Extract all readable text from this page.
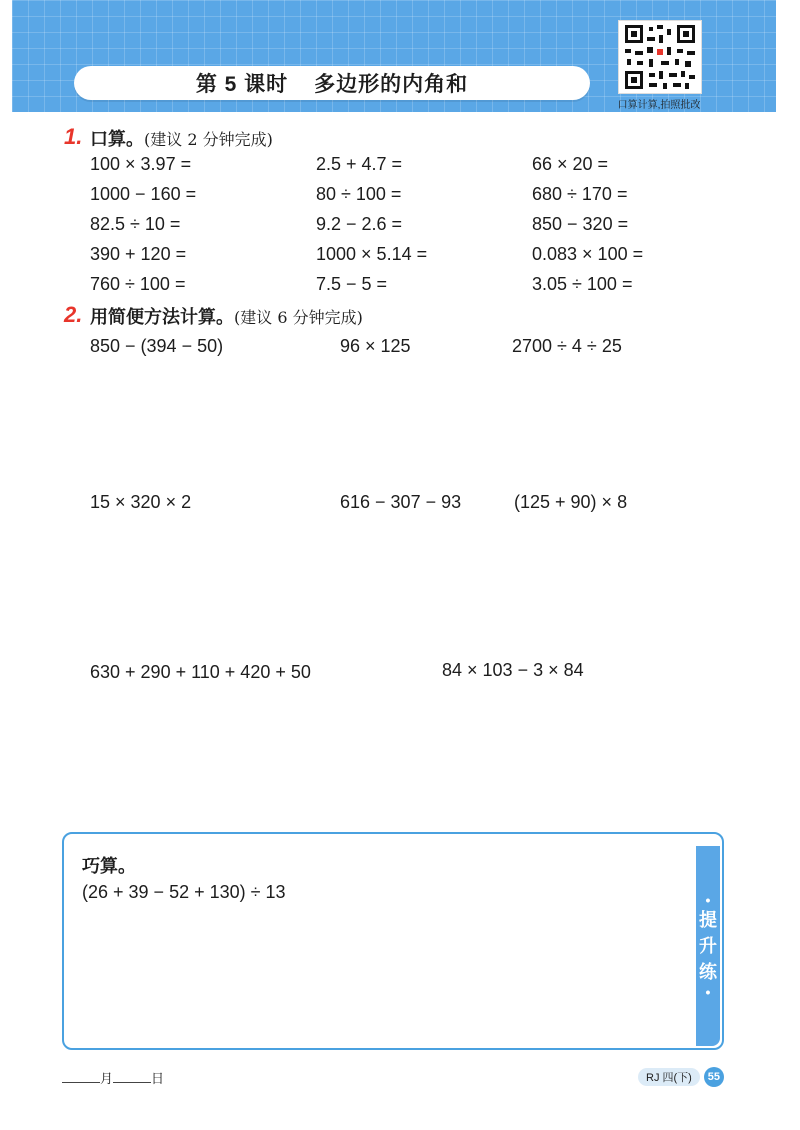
第 5 课时 多边形的内角和
口算计算,拍照批改
1. 口算。(建议 2 分钟完成)
100 × 3.97 =	2.5 + 4.7 =	66 × 20 =
1000 − 160 =	80 ÷ 100 =	680 ÷ 170 =
82.5 ÷ 10 =	9.2 − 2.6 =	850 − 320 =
390 + 120 =	1000 × 5.14 =	0.083 × 100 =
760 ÷ 100 =	7.5 − 5 =	3.05 ÷ 100 =
2. 用简便方法计算。(建议 6 分钟完成)
850 − (394 − 50)	96 × 125	2700 ÷ 4 ÷ 25
15 × 320 × 2	616 − 307 − 93	(125 + 90) × 8
630 + 290 + 110 + 420 + 50	84 × 103 − 3 × 84
巧算。
(26 + 39 − 52 + 130) ÷ 13	•
提
升
练
•
月	日	RJ 四(下)	55
